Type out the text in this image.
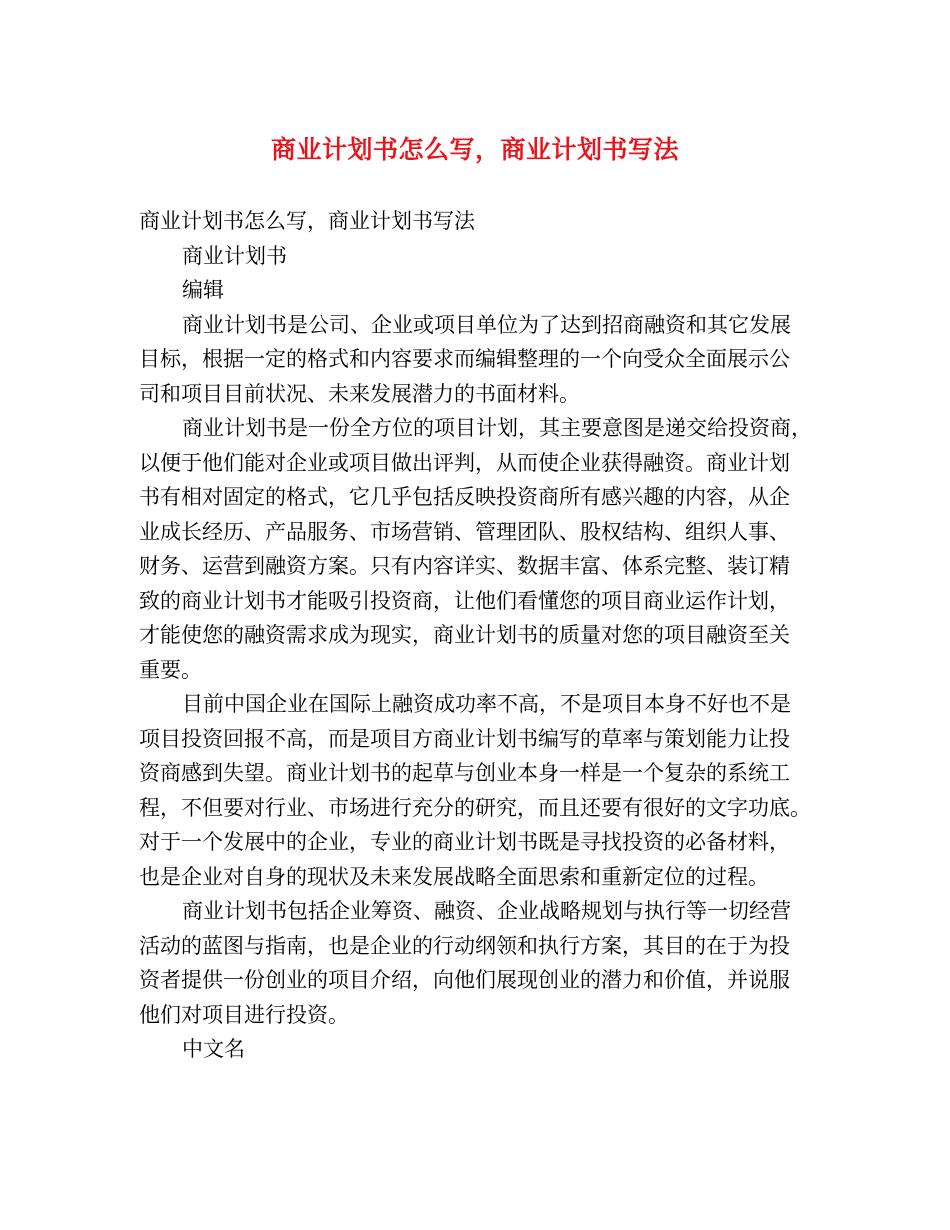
商业计划书怎么写，商业计划书写法
商业计划书怎么写，商业计划书写法
商业计划书
编辑
商业计划书是公司、企业或项目单位为了达到招商融资和其它发展
目标，根据一定的格式和内容要求而编辑整理的一个向受众全面展示公
司和项目目前状况、未来发展潜力的书面材料。
商业计划书是一份全方位的项目计划，其主要意图是递交给投资商，
以便于他们能对企业或项目做出评判，从而使企业获得融资。商业计划
书有相对固定的格式，它几乎包括反映投资商所有感兴趣的内容，从企
业成长经历、产品服务、市场营销、管理团队、股权结构、组织人事、
财务、运营到融资方案。只有内容详实、数据丰富、体系完整、装订精
致的商业计划书才能吸引投资商，让他们看懂您的项目商业运作计划，
才能使您的融资需求成为现实，商业计划书的质量对您的项目融资至关
重要。
目前中国企业在国际上融资成功率不高，不是项目本身不好也不是
项目投资回报不高，而是项目方商业计划书编写的草率与策划能力让投
资商感到失望。商业计划书的起草与创业本身一样是一个复杂的系统工
程，不但要对行业、市场进行充分的研究，而且还要有很好的文字功底。
对于一个发展中的企业，专业的商业计划书既是寻找投资的必备材料，
也是企业对自身的现状及未来发展战略全面思索和重新定位的过程。
商业计划书包括企业筹资、融资、企业战略规划与执行等一切经营
活动的蓝图与指南，也是企业的行动纲领和执行方案，其目的在于为投
资者提供一份创业的项目介绍，向他们展现创业的潜力和价值，并说服
他们对项目进行投资。
中文名
